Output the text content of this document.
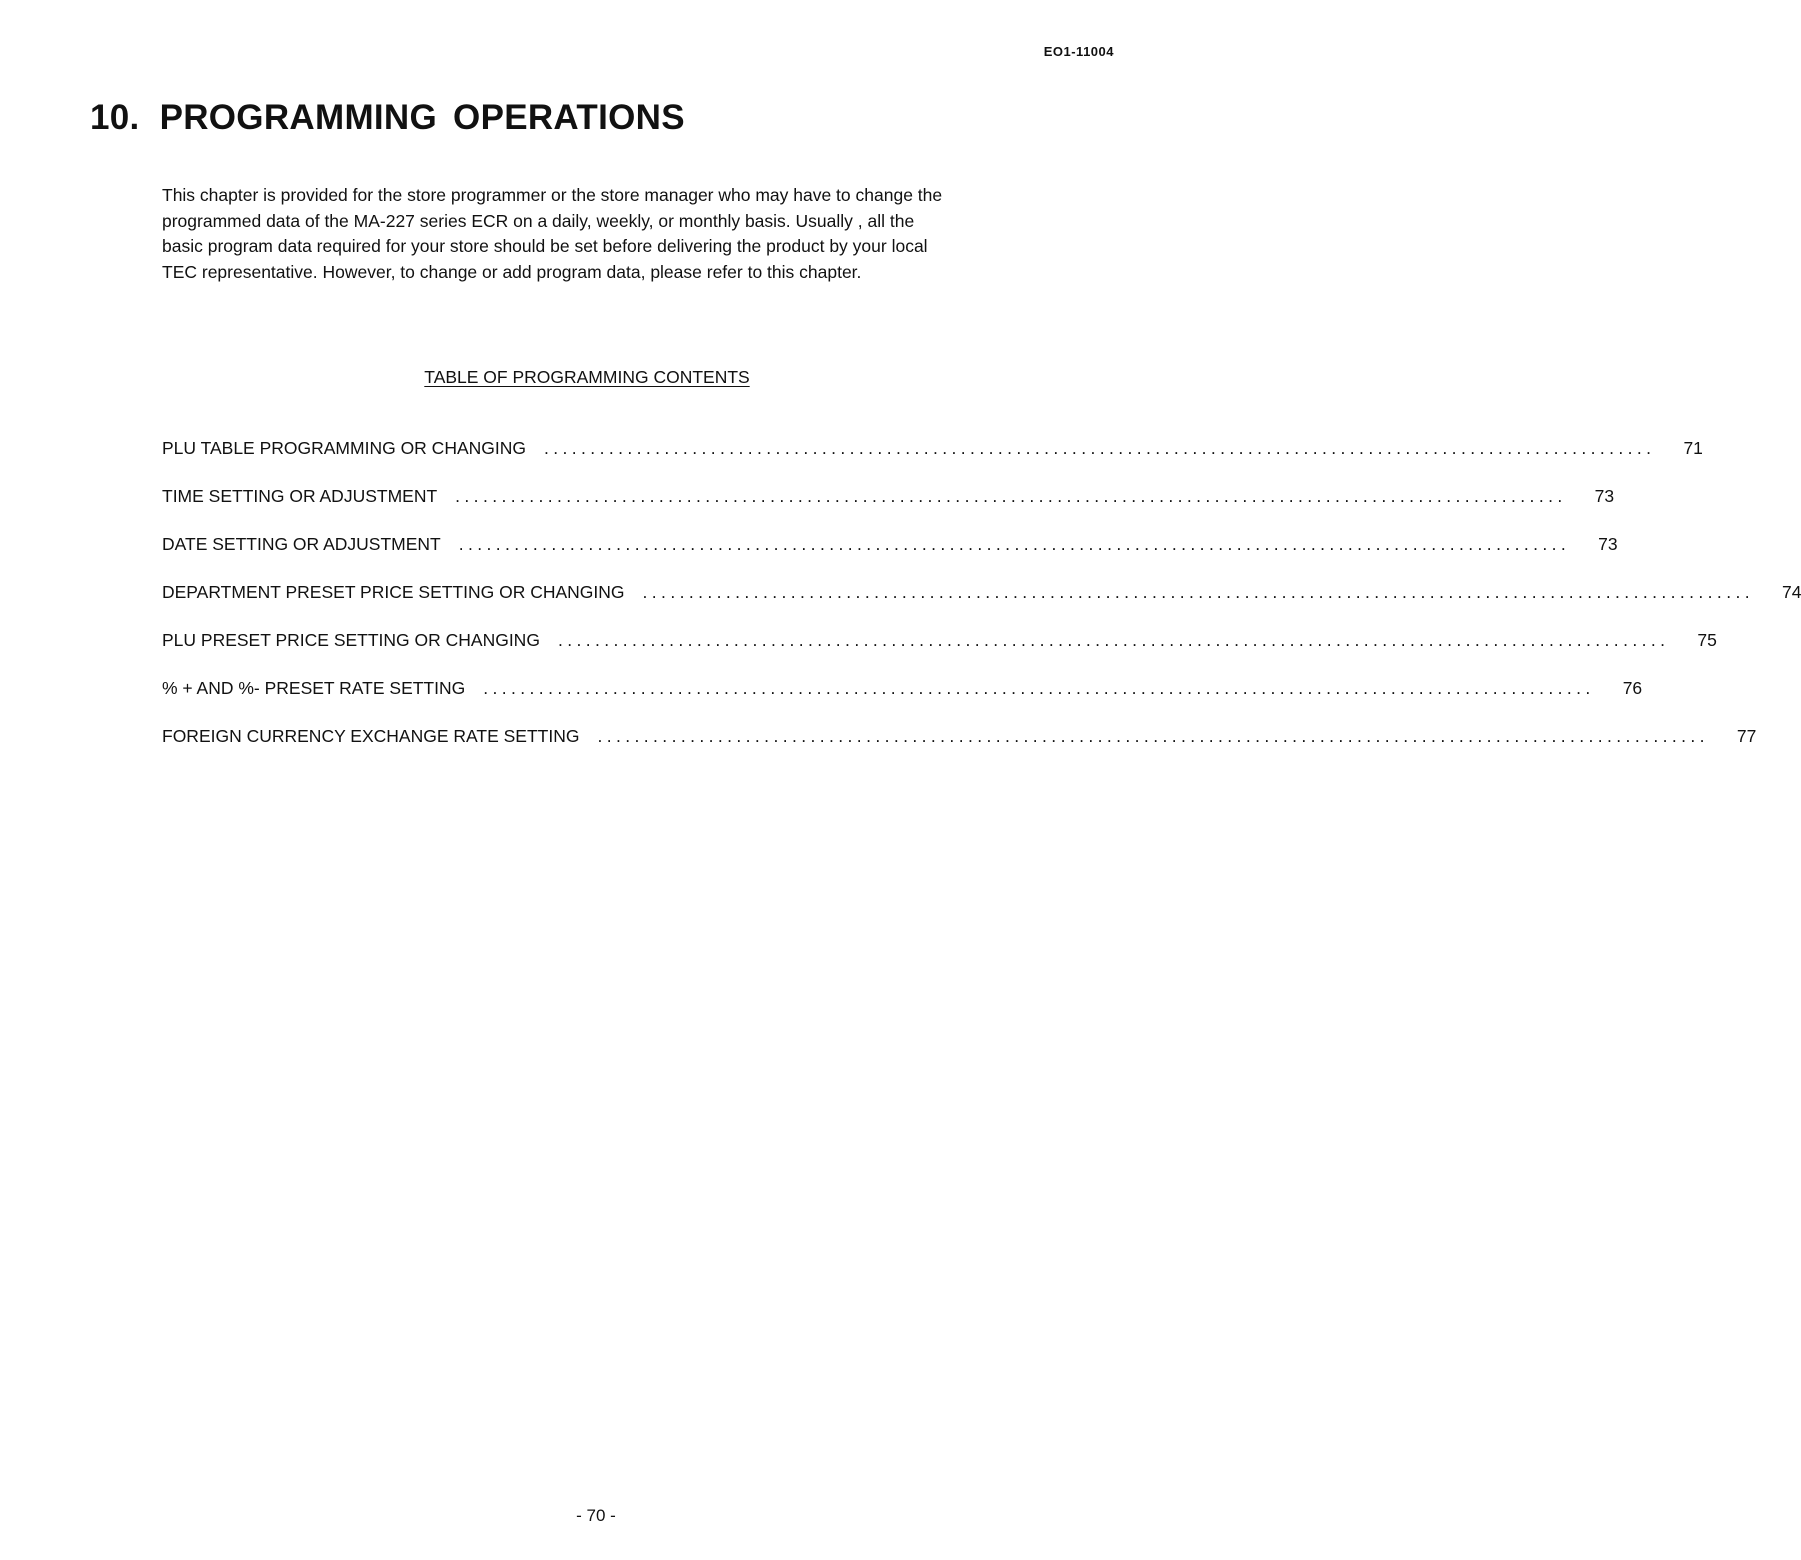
EO1-11004
10. PROGRAMMING OPERATIONS

This chapter is provided for the store programmer or the store manager who may have to change the
programmed data of the MA-227 series ECR on a daily, weekly, or monthly basis. Usually , all the
basic program data required for your store should be set before delivering the product by your local
TEC representative. However, to change or add program data, please refer to this chapter.

TABLE OF PROGRAMMING CONTENTS
PLU TABLE PROGRAMMING OR CHANGING ........................................................................................................................ 71
TIME SETTING OR ADJUSTMENT ........................................................................................................................ 73
DATE SETTING OR ADJUSTMENT ........................................................................................................................ 73
DEPARTMENT PRESET PRICE SETTING OR CHANGING ........................................................................................................................ 74
PLU PRESET PRICE SETTING OR CHANGING ........................................................................................................................ 75
% + AND %- PRESET RATE SETTING ........................................................................................................................ 76
FOREIGN CURRENCY EXCHANGE RATE SETTING ........................................................................................................................ 77
- 70 -
